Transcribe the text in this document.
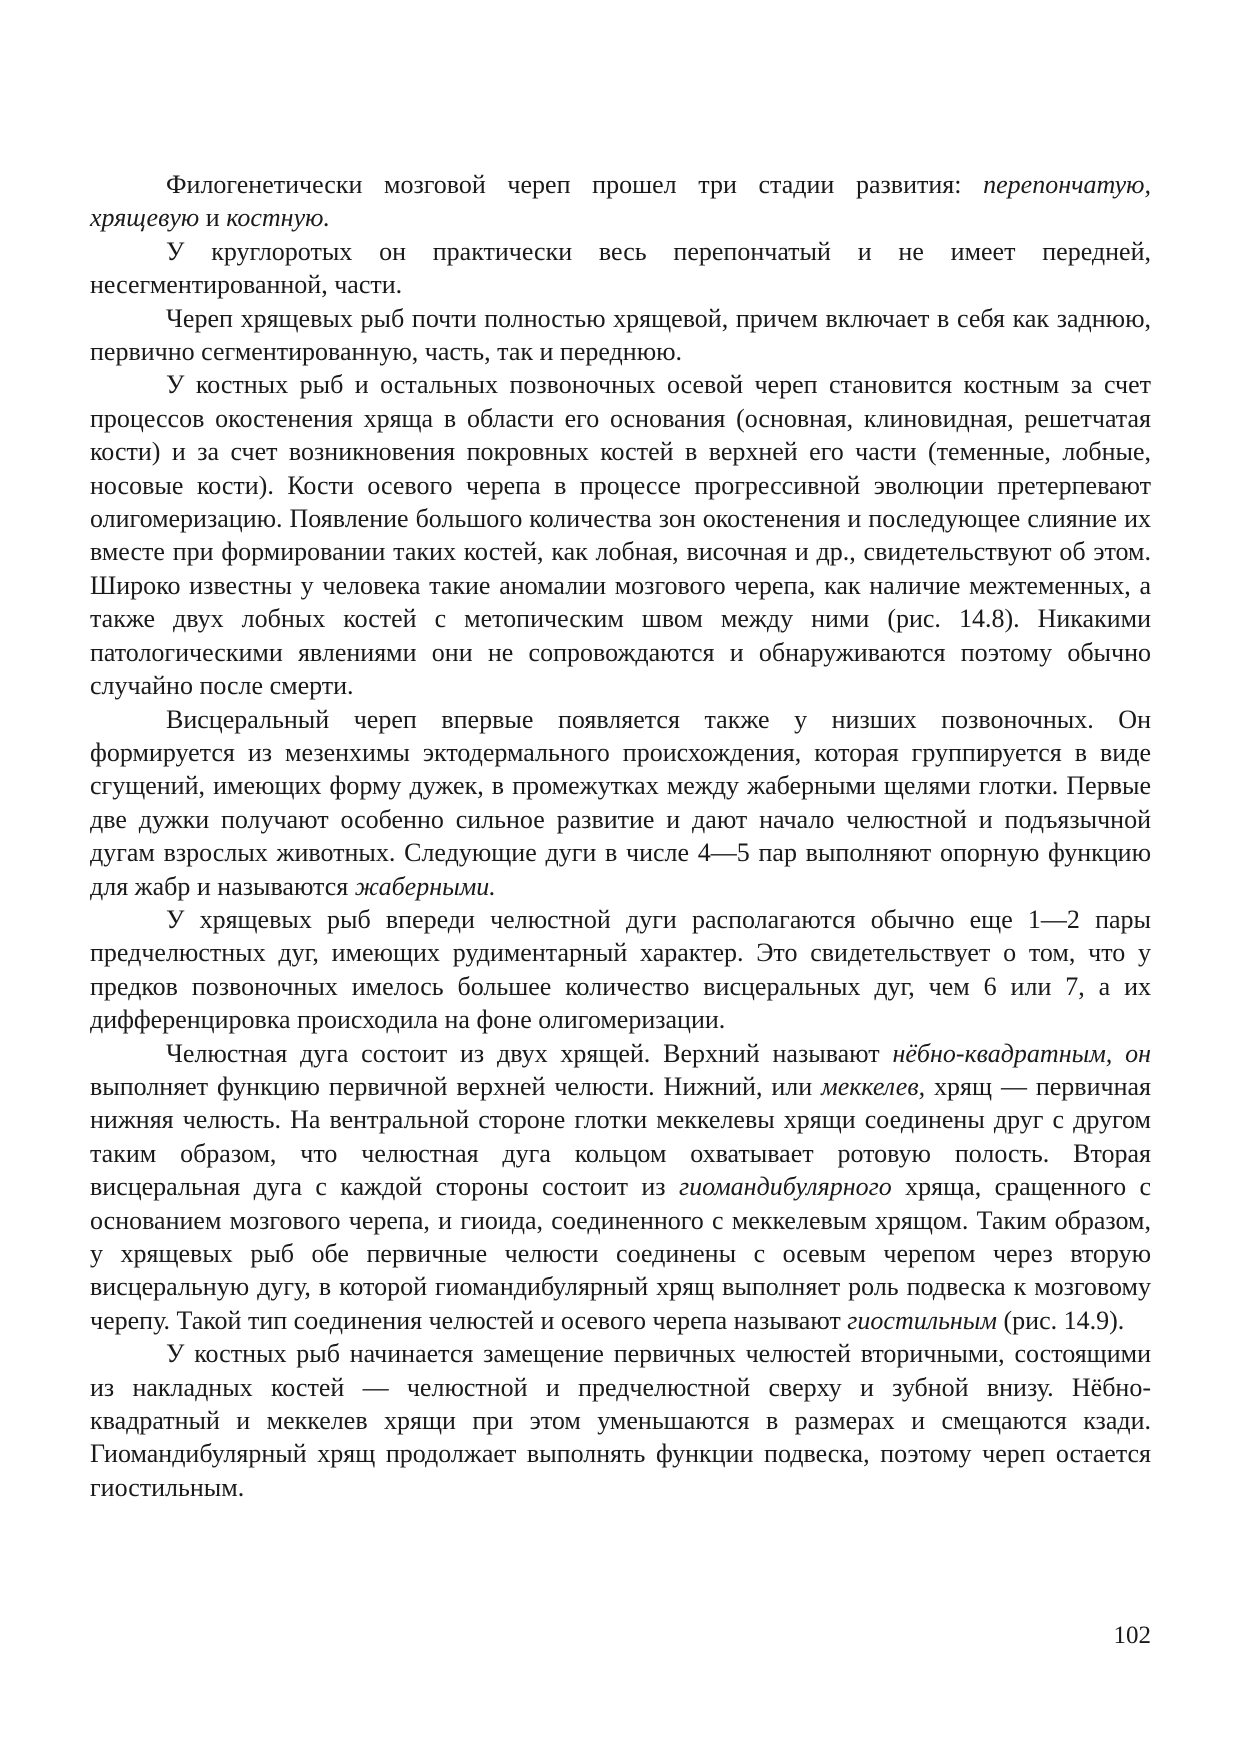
Филогенетически мозговой череп прошел три стадии развития: перепончатую, хрящевую и костную.

У круглоротых он практически весь перепончатый и не имеет передней, несегментированной, части.

Череп хрящевых рыб почти полностью хрящевой, причем включает в себя как заднюю, первично сегментированную, часть, так и переднюю.

У костных рыб и остальных позвоночных осевой череп становится костным за счет процессов окостенения хряща в области его основания (основная, клиновидная, решетчатая кости) и за счет возникновения покровных костей в верхней его части (теменные, лобные, носовые кости). Кости осевого черепа в процессе прогрессивной эволюции претерпевают олигомеризацию. Появление большого количества зон окостенения и последующее слияние их вместе при формировании таких костей, как лобная, височная и др., свидетельствуют об этом. Широко известны у человека такие аномалии мозгового черепа, как наличие межтеменных, а также двух лобных костей с метопическим швом между ними (рис. 14.8). Никакими патологическими явлениями они не сопровождаются и обнаруживаются поэтому обычно случайно после смерти.

Висцеральный череп впервые появляется также у низших позвоночных. Он формируется из мезенхимы эктодермального происхождения, которая группируется в виде сгущений, имеющих форму дужек, в промежутках между жаберными щелями глотки. Первые две дужки получают особенно сильное развитие и дают начало челюстной и подъязычной дугам взрослых животных. Следующие дуги в числе 4—5 пар выполняют опорную функцию для жабр и называются жаберными.

У хрящевых рыб впереди челюстной дуги располагаются обычно еще 1—2 пары предчелюстных дуг, имеющих рудиментарный характер. Это свидетельствует о том, что у предков позвоночных имелось большее количество висцеральных дуг, чем 6 или 7, а их дифференцировка происходила на фоне олигомеризации.

Челюстная дуга состоит из двух хрящей. Верхний называют нёбно-квадратным, он выполняет функцию первичной верхней челюсти. Нижний, или меккелев, хрящ — первичная нижняя челюсть. На вентральной стороне глотки меккелевы хрящи соединены друг с другом таким образом, что челюстная дуга кольцом охватывает ротовую полость. Вторая висцеральная дуга с каждой стороны состоит из гиомандибулярного хряща, сращенного с основанием мозгового черепа, и гиоида, соединенного с меккелевым хрящом. Таким образом, у хрящевых рыб обе первичные челюсти соединены с осевым черепом через вторую висцеральную дугу, в которой гиомандибулярный хрящ выполняет роль подвеска к мозговому черепу. Такой тип соединения челюстей и осевого черепа называют гиостильным (рис. 14.9).

У костных рыб начинается замещение первичных челюстей вторичными, состоящими из накладных костей — челюстной и предчелюстной сверху и зубной внизу. Нёбно-квадратный и меккелев хрящи при этом уменьшаются в размерах и смещаются кзади. Гиомандибулярный хрящ продолжает выполнять функции подвеска, поэтому череп остается гиостильным.

102
